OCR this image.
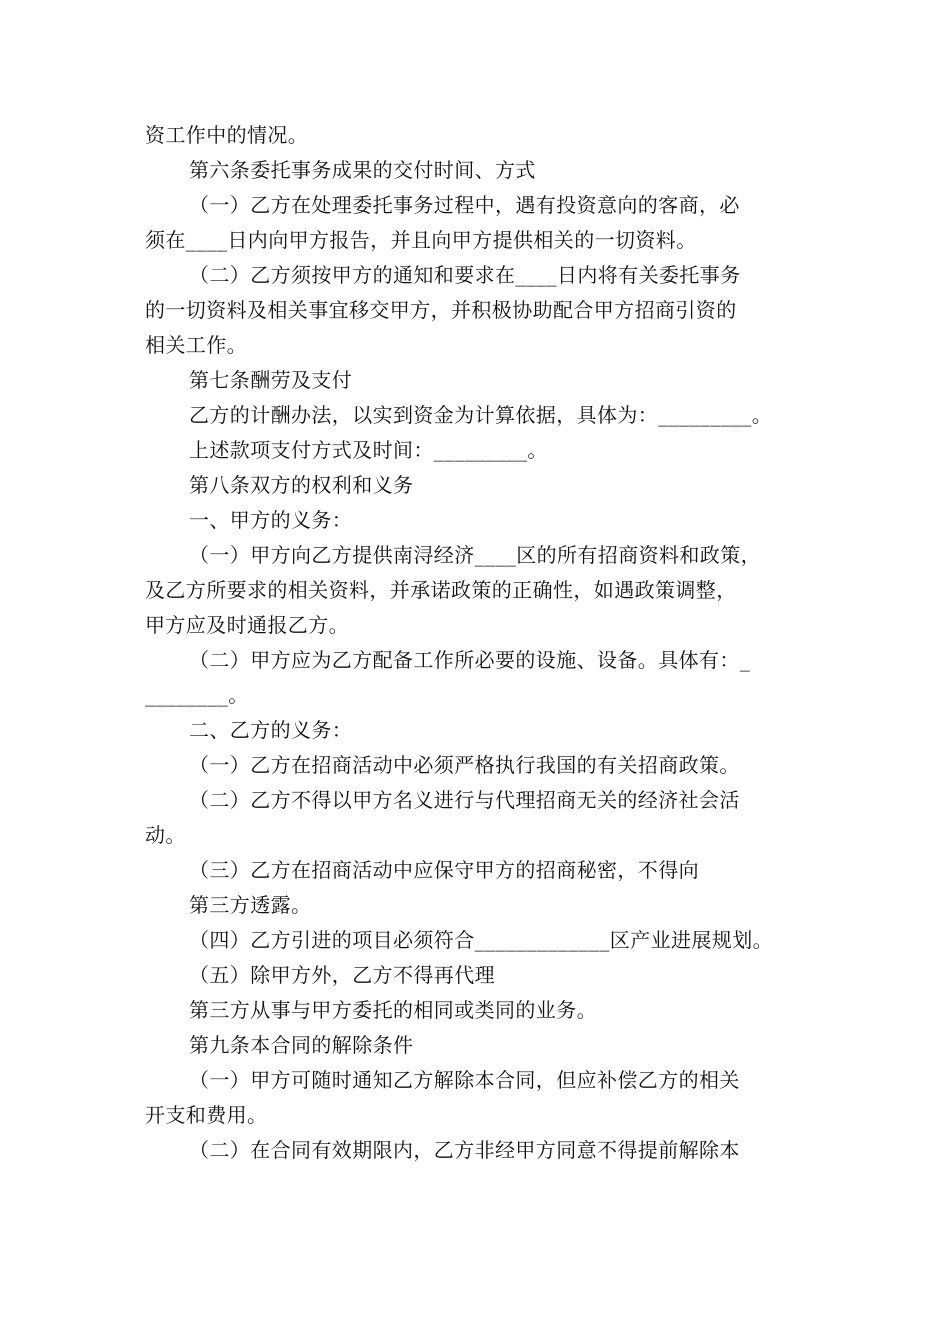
资工作中的情况。
第六条委托事务成果的交付时间、方式
（一）乙方在处理委托事务过程中，遇有投资意向的客商，必
须在____日内向甲方报告，并且向甲方提供相关的一切资料。
（二）乙方须按甲方的通知和要求在____日内将有关委托事务
的一切资料及相关事宜移交甲方，并积极协助配合甲方招商引资的
相关工作。
第七条酬劳及支付
乙方的计酬办法，以实到资金为计算依据，具体为：_________。
上述款项支付方式及时间：_________。
第八条双方的权利和义务
一、甲方的义务：
（一）甲方向乙方提供南浔经济____区的所有招商资料和政策，
及乙方所要求的相关资料，并承诺政策的正确性，如遇政策调整，
甲方应及时通报乙方。
（二）甲方应为乙方配备工作所必要的设施、设备。具体有：_
________。
二、乙方的义务：
（一）乙方在招商活动中必须严格执行我国的有关招商政策。
（二）乙方不得以甲方名义进行与代理招商无关的经济社会活
动。
（三）乙方在招商活动中应保守甲方的招商秘密，不得向
第三方透露。
（四）乙方引进的项目必须符合_____________区产业进展规划。
（五）除甲方外，乙方不得再代理
第三方从事与甲方委托的相同或类同的业务。
第九条本合同的解除条件
（一）甲方可随时通知乙方解除本合同，但应补偿乙方的相关
开支和费用。
（二）在合同有效期限内，乙方非经甲方同意不得提前解除本
